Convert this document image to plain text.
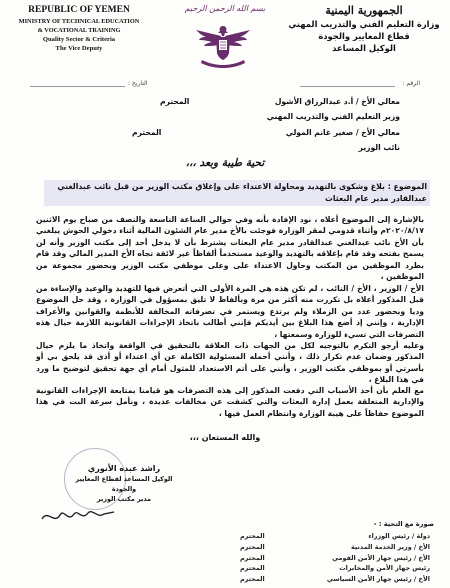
REPUBLIC OF YEMEN
MINISTRY OF TECHNICAL EDUCATION
& VOCATIONAL TRAINING
Quality Sector & Criteria
The Vice Deputy
بسم الله الرحمن الرحيم	الجمهورية اليمنية
وزارة التعليم الفني والتدريب المهني
قطاع المعايير والجودة
الوكيل المساعد
الرقم :
التاريخ :
معالي الأخ / أ.د عبدالرزاق الأشول
المحترم
وزير التعليم الفني والتدريب المهني
معالي الأخ / صغير غانم المولي
المحترم
نائب الوزير
تحية طيبة وبعد ،،،
الموضوع : بلاغ وشكوى بالتهديد ومحاولة الاعتداء على وإغلاق مكتب الوزير من قبل نائب عبدالغني عبدالقادر مدير عام البعثات
بالإشارة إلى الموضوع أعلاه ، نود الإفادة بأنه وفي حوالي الساعة التاسعة والنصف من صباح يوم الاثنين ٢٠٢٠/٨/١٧م وأثناء قدومي لمقر الوزارة فوجئت بالأخ مدير عام الشئون المالية أثناء دخولي الحوش يبلغني بأن الأخ نائب عبدالغني عبدالقادر مدير عام البعثات يشترط بأن لا يدخل أحد إلى مكتب الوزير وأنه لن يسمح بفتحه وقد قام بإغلاقه بالتهديد والوعيد مستخدماً ألفاظاً غير لائقة تجاه الأخ المدير المالي وقد قام بطرد الموظفين من المكتب وحاول الاعتداء على وعلى موظفي مكتب الوزير وبحضور مجموعة من الموظفين ،
الأخ / الوزير ، الأخ / النائب ، لم تكن هذه هي المرة الأولى التي أتعرض فيها للتهديد والوعيد والإساءة من قبل المذكور أعلاه بل تكررت منه أكثر من مرة وبألفاظ لا تليق بمسؤول في الوزارة ، وقد حل الموضوع وديا وبحضور عدد من الزملاء ولم يرتدع ويستمر في تصرفاته المخالفة للأنظمة والقوانين والأعراف الإدارية ، وإنني إذ أضع هذا البلاغ بين أيديكم فإنني أطالب باتخاذ الإجراءات القانونية اللازمة حيال هذه التصرفات التي تسيء للوزارة وسمعتها ،
وعليه أرجو التكرم بالتوجيه لكل من الجهات ذات العلاقة بالتحقيق في الواقعة واتخاذ ما يلزم حيال المذكور وضمان عدم تكرار ذلك ، وأنني أحمله المسئولية الكاملة عن أي اعتداء أو أذى قد يلحق بي أو بأسرتي أو بموظفي مكتب الوزير ، وأنني على أتم الاستعداد للمثول أمام أي جهة تحقيق لتوضيح ما ورد في هذا البلاغ ،
مع العلم بأن أحد الأسباب التي دفعت المذكور إلى هذه التصرفات هو قيامنا بمتابعة الإجراءات القانونية والإدارية المتعلقة بعمل إدارة البعثات والتي كشفت عن مخالفات عديدة ، ونأمل سرعة البت في هذا الموضوع حفاظاً على هيبة الوزارة وانتظام العمل فيها ،
والله المستعان ،،،
راشد عبده الأنوري
الوكيل المساعد لقطاع المعايير والجودة
مدير مكتب الوزير
صورة مع التحية : -
دولة / رئيس الوزراء
المحترم
الأخ / وزير الخدمة المدنية
المحترم
الأخ / رئيس جهاز الأمن القومي
المحترم
رئيس جهاز الأمن والمخابرات
المحترم
الأخ / رئيس جهاز الأمن السياسي
المحترم
